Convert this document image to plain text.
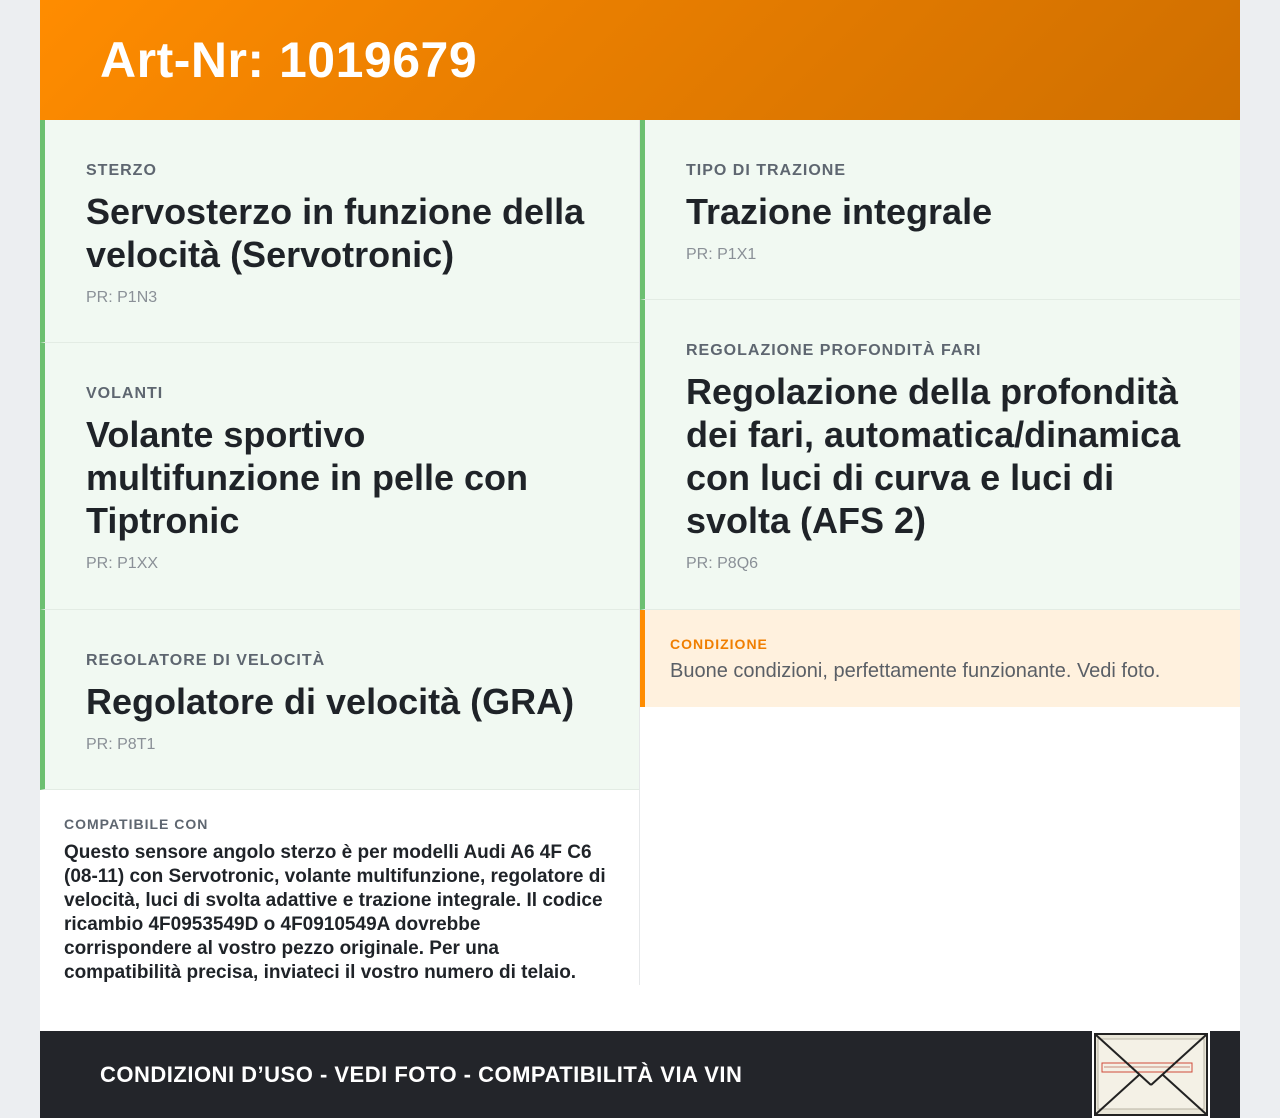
Art-Nr: 1019679
STERZO
Servosterzo in funzione della velocità (Servotronic)
PR: P1N3
VOLANTI
Volante sportivo multifunzione in pelle con Tiptronic
PR: P1XX
REGOLATORE DI VELOCITÀ
Regolatore di velocità (GRA)
PR: P8T1
COMPATIBILE CON
Questo sensore angolo sterzo è per modelli Audi A6 4F C6 (08-11) con Servotronic, volante multifunzione, regolatore di velocità, luci di svolta adattive e trazione integrale. Il codice ricambio 4F0953549D o 4F0910549A dovrebbe corrispondere al vostro pezzo originale. Per una compatibilità precisa, inviateci il vostro numero di telaio.
TIPO DI TRAZIONE
Trazione integrale
PR: P1X1
REGOLAZIONE PROFONDITÀ FARI
Regolazione della profondità dei fari, automatica/dinamica con luci di curva e luci di svolta (AFS 2)
PR: P8Q6
CONDIZIONE
Buone condizioni, perfettamente funzionante. Vedi foto.
CONDIZIONI D’USO - VEDI FOTO - COMPATIBILITÀ VIA VIN
